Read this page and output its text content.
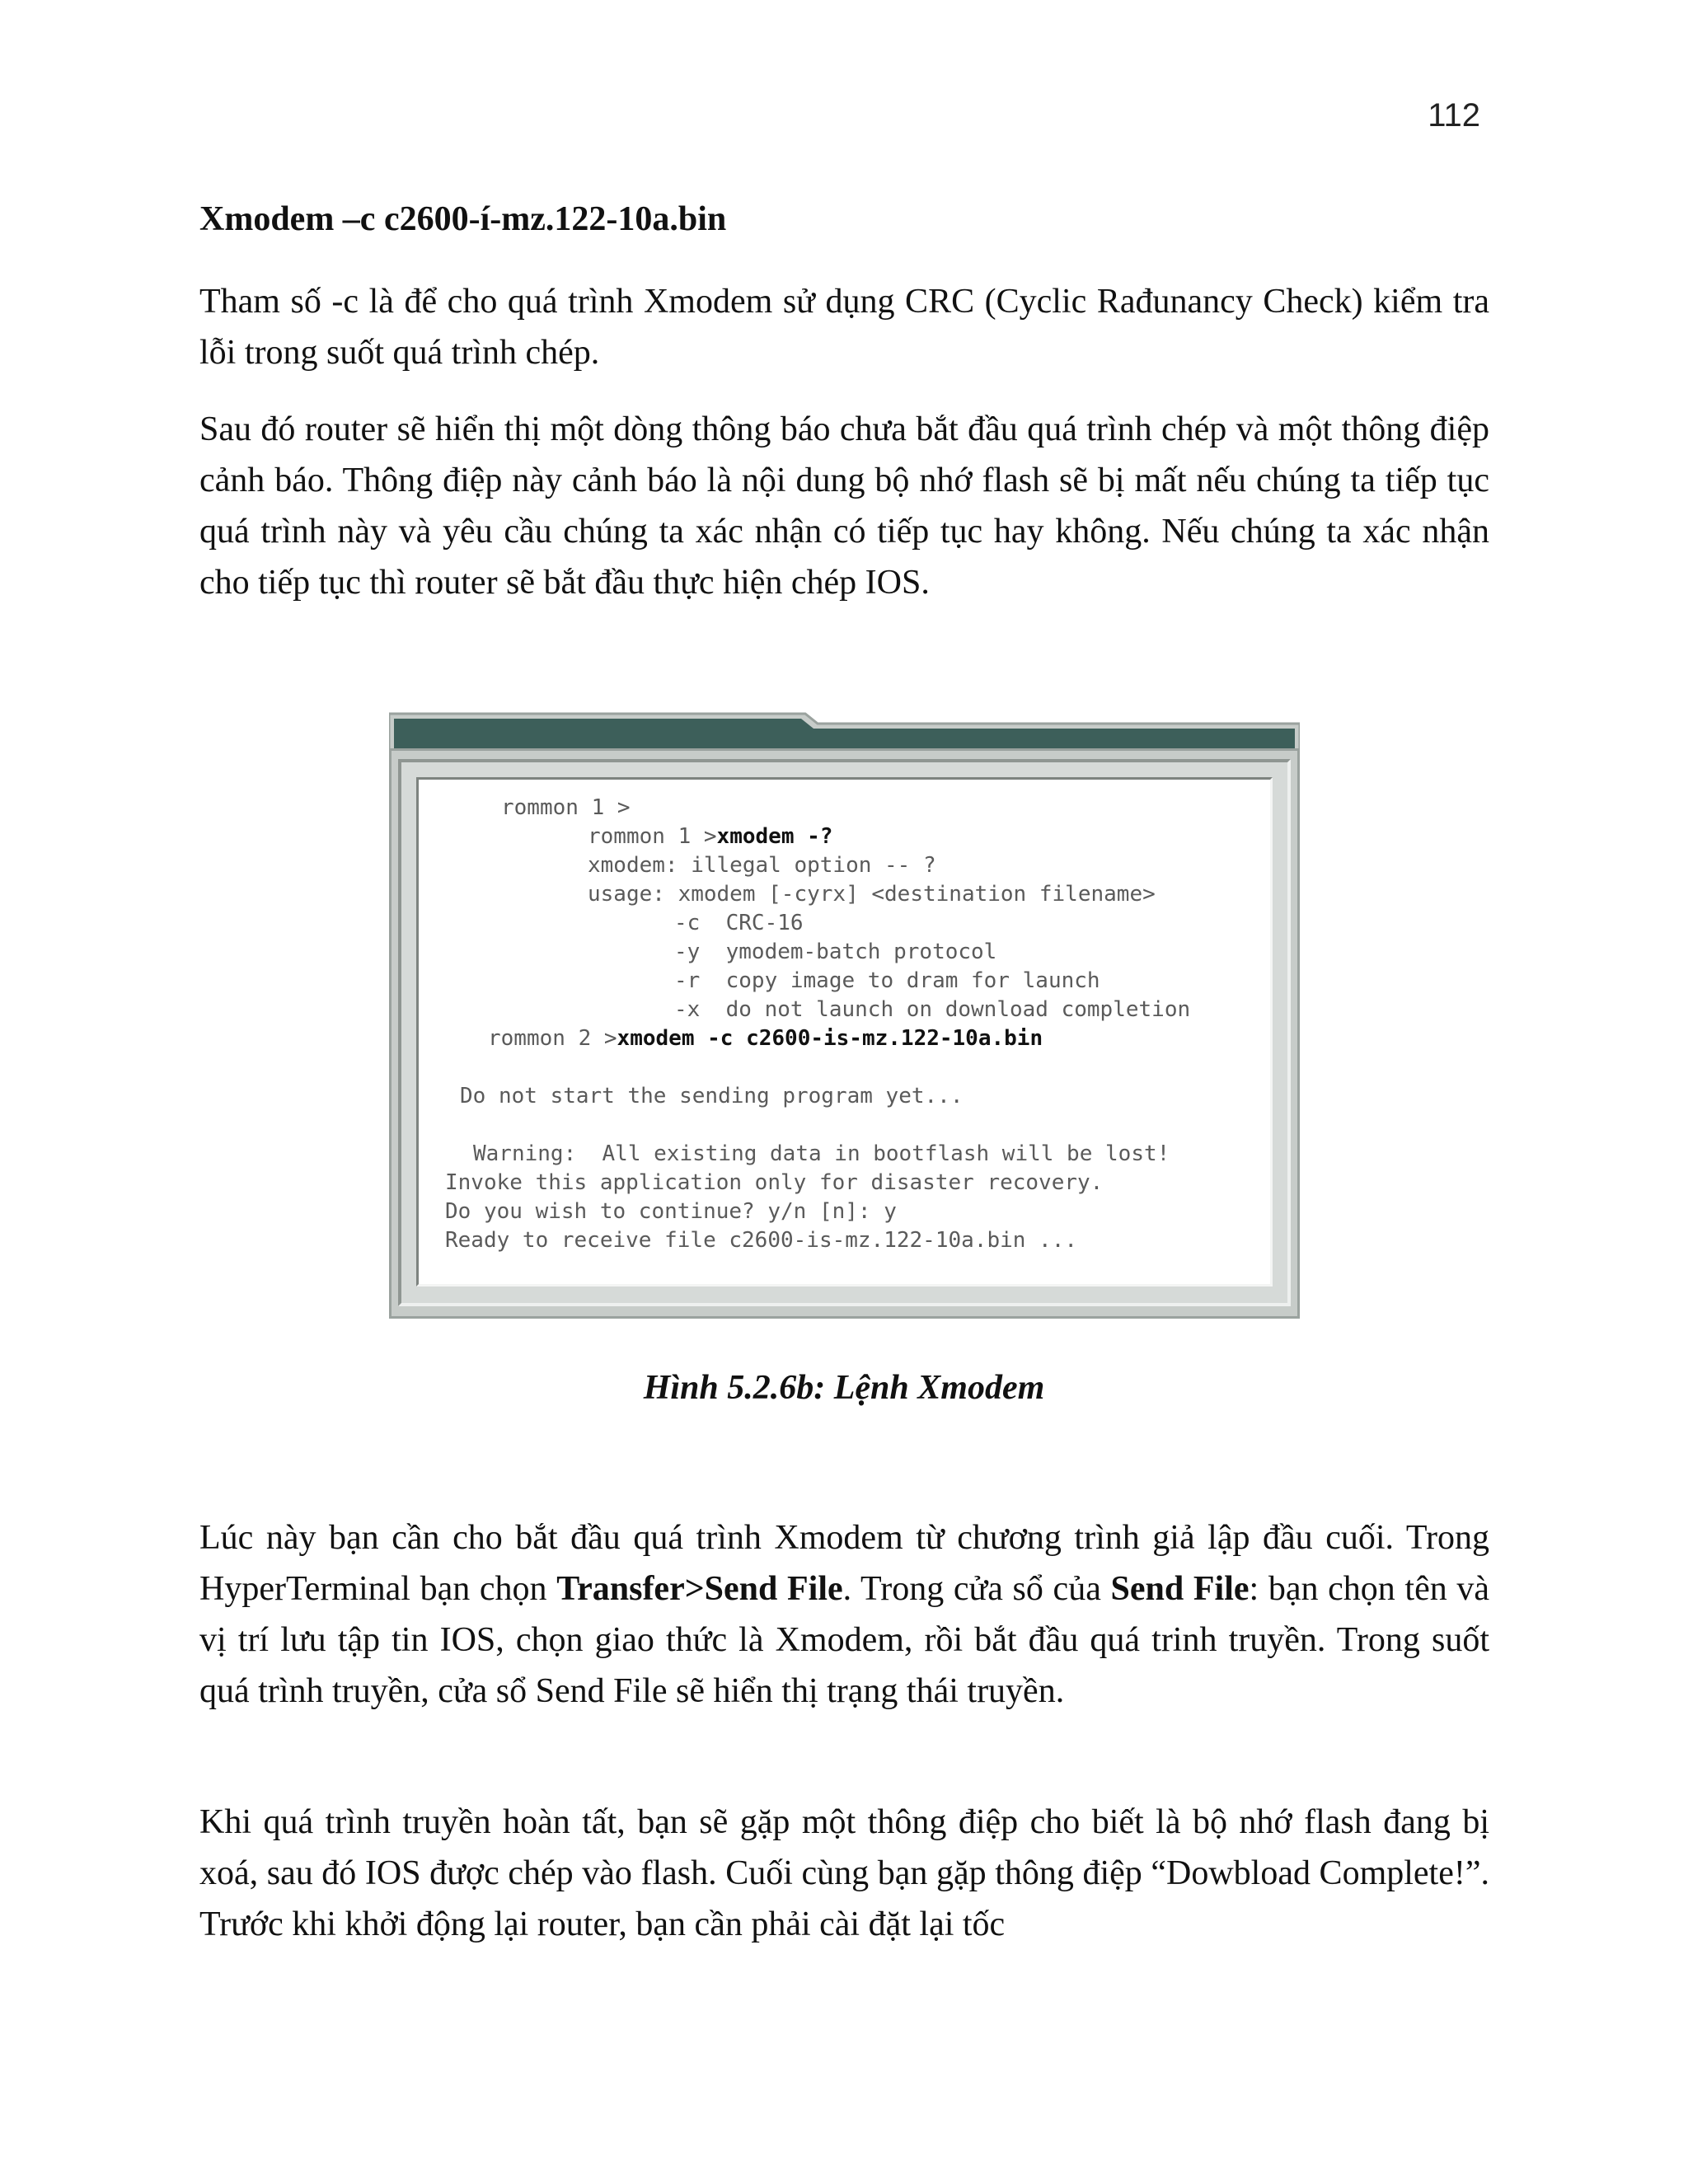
112

Xmodem –c c2600-í-mz.122-10a.bin

Tham số -c là để cho quá trình Xmodem sử dụng CRC (Cyclic Rađunancy Check) kiểm tra lỗi trong suốt quá trình chép.

Sau đó router sẽ hiển thị một dòng thông báo chưa bắt đầu quá trình chép và một thông điệp cảnh báo. Thông điệp này cảnh báo là nội dung bộ nhớ flash sẽ bị mất nếu chúng ta tiếp tục quá trình này và yêu cầu chúng ta xác nhận có tiếp tục hay không. Nếu chúng ta xác nhận cho tiếp tục thì router sẽ bắt đầu thực hiện chép IOS.

rommon 1 >
rommon 1 >xmodem -?
xmodem: illegal option -- ?
usage: xmodem [-cyrx] <destination filename>
-c  CRC-16
-y  ymodem-batch protocol
-r  copy image to dram for launch
-x  do not launch on download completion
rommon 2 >xmodem -c c2600-is-mz.122-10a.bin
Do not start the sending program yet...
Warning:  All existing data in bootflash will be lost!
Invoke this application only for disaster recovery.
Do you wish to continue? y/n [n]: y
Ready to receive file c2600-is-mz.122-10a.bin ...

Hình 5.2.6b: Lệnh Xmodem

Lúc này bạn cần cho bắt đầu quá trình Xmodem từ chương trình giả lập đầu cuối. Trong HyperTerminal bạn chọn Transfer>Send File. Trong cửa sổ của Send File: bạn chọn tên và vị trí lưu tập tin IOS, chọn giao thức là Xmodem, rồi bắt đầu quá trinh truyền. Trong suốt quá trình truyền, cửa sổ Send File sẽ hiển thị trạng thái truyền.

Khi quá trình truyền hoàn tất, bạn sẽ gặp một thông điệp cho biết là bộ nhớ flash đang bị xoá, sau đó IOS được chép vào flash. Cuối cùng bạn gặp thông điệp “Dowbload Complete!”. Trước khi khởi động lại router, bạn cần phải cài đặt lại tốc
